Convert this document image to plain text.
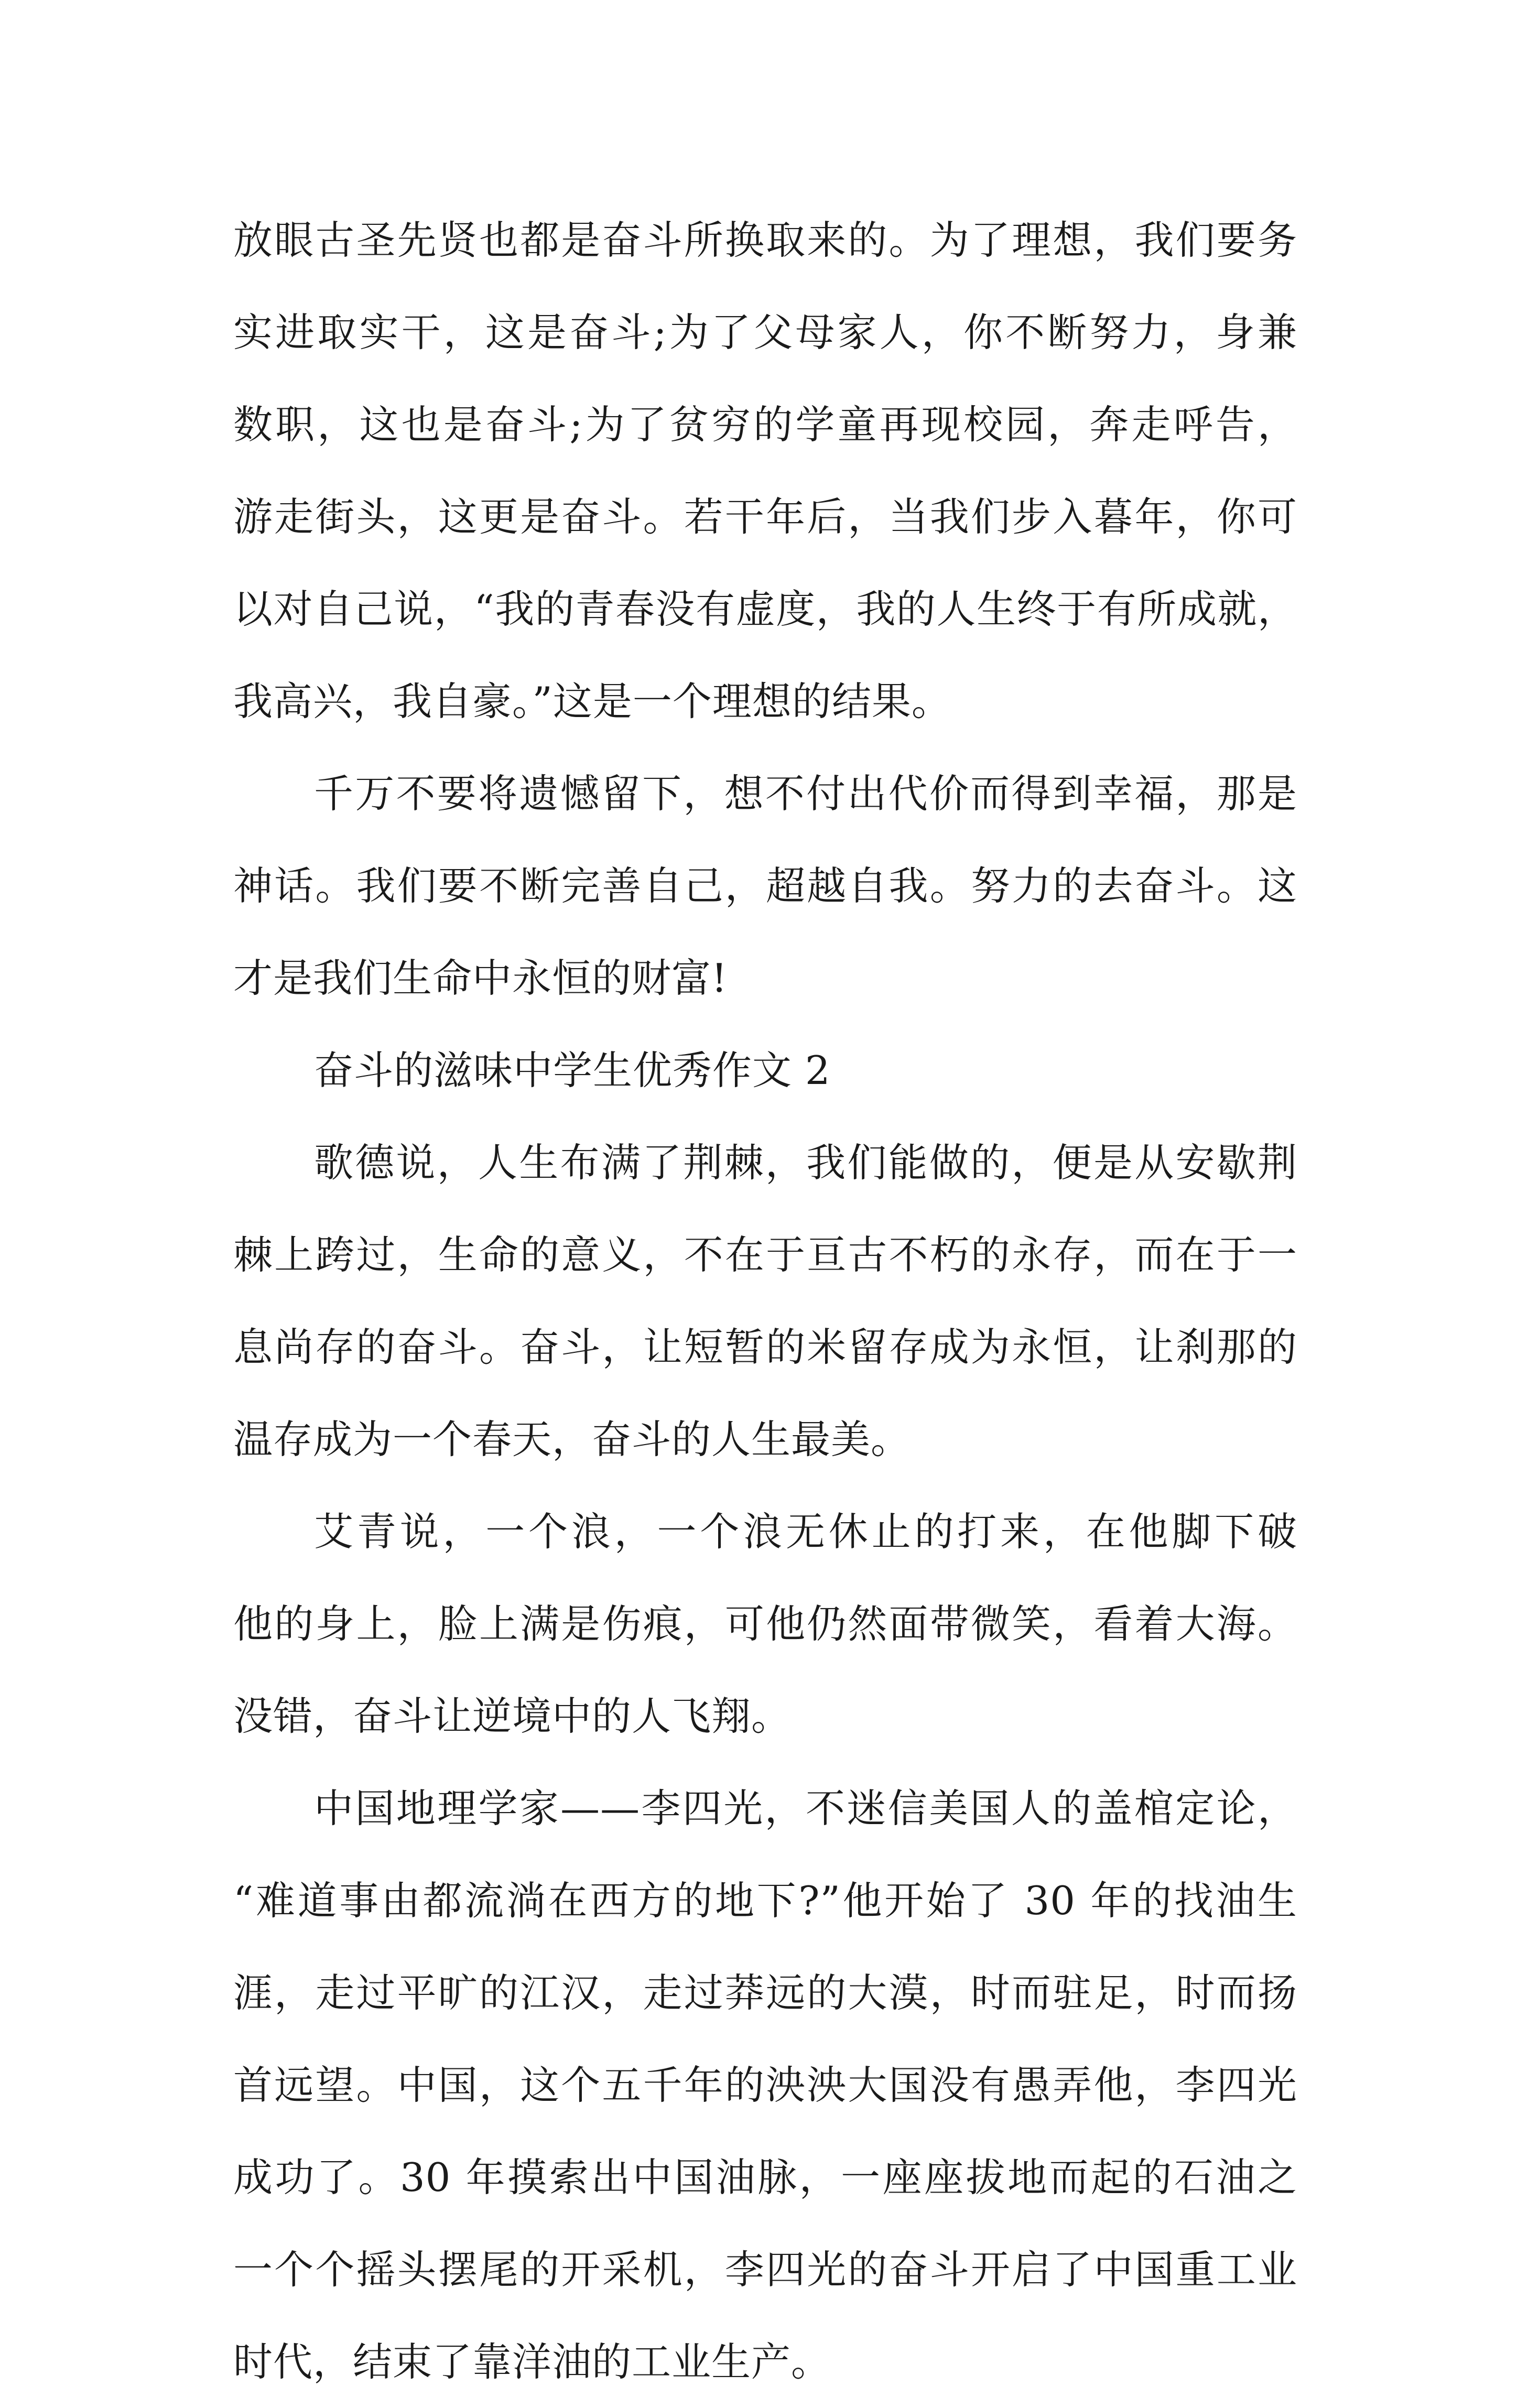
放眼古圣先贤也都是奋斗所换取来的。为了理想，我们要务
实进取实干，这是奋斗;为了父母家人，你不断努力，身兼
数职，这也是奋斗;为了贫穷的学童再现校园，奔走呼告，
游走街头，这更是奋斗。若干年后，当我们步入暮年，你可
以对自己说，“我的青春没有虚度，我的人生终于有所成就，
我高兴，我自豪。”这是一个理想的结果。
千万不要将遗憾留下，想不付出代价而得到幸福，那是
神话。我们要不断完善自己，超越自我。努力的去奋斗。这
才是我们生命中永恒的财富!
奋斗的滋味中学生优秀作文 2
歌德说，人生布满了荆棘，我们能做的，便是从安歇荆
棘上跨过，生命的意义，不在于亘古不朽的永存，而在于一
息尚存的奋斗。奋斗，让短暂的米留存成为永恒，让刹那的
温存成为一个春天，奋斗的人生最美。
艾青说，一个浪，一个浪无休止的打来，在他脚下破
他的身上，脸上满是伤痕，可他仍然面带微笑，看着大海。
没错，奋斗让逆境中的人飞翔。
中国地理学家——李四光，不迷信美国人的盖棺定论，
“难道事由都流淌在西方的地下?”他开始了 30 年的找油生
涯，走过平旷的江汉，走过莽远的大漠，时而驻足，时而扬
首远望。中国，这个五千年的泱泱大国没有愚弄他，李四光
成功了。30 年摸索出中国油脉，一座座拔地而起的石油之
一个个摇头摆尾的开采机，李四光的奋斗开启了中国重工业
时代，结束了靠洋油的工业生产。
